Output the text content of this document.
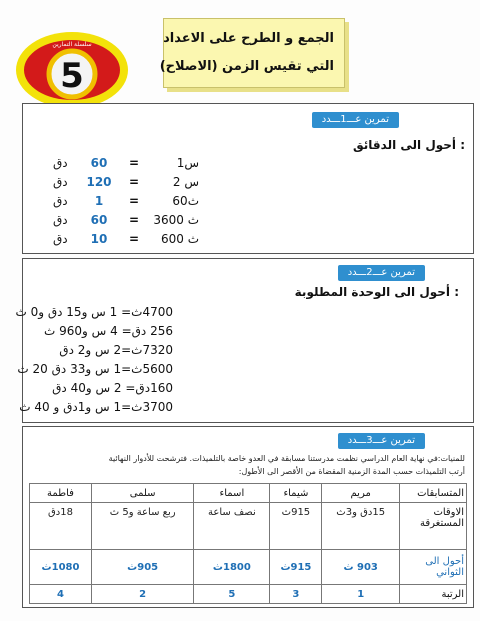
سلسلة التمارين
5
الجمع و الطرح على الاعداد
التي تقيس الزمن (الاصلاح)
تمرين عـــ1ـــدد
: أحول الى الدقائق
دق 60 =	1س
دق 120 =	2 س
دق 1 =	60ث
دق 60 = 3600 ث
دق 10 = 600 ث
تمرين عـــ2ـــدد
: أحول الى الوحدة المطلوبة
4700ث= 1 س و15 دق و0 ث
256 دق= 4 س و960 ث
7320ث=2 س و2 دق
5600ث=1 س و33 دق 20 ث
160دق= 2 س و40 دق
3700ث=1 س و1دق و 40 ث
تمرين عـــ3ـــدد
للمنيات:في نهاية العام الدراسي نظمت مدرستنا مسابقة في العدو خاصة بالتلميذات. فترشحت للأدوار النهائية
أرتب التلميذات حسب المدة الزمنية المقضاة من الأقصر الى الأطول:
المتسابقات	مريم	شيماء	اسماء	سلمى	فاطمة
الاوقات المستغرقة	15دق و3ث	915ث	نصف ساعة	ربع ساعة و5 ث	18دق
أحول الى الثواني	903 ث	915ث	1800ث	905ث	1080ث
الرتبة	1	3	5	2	4
